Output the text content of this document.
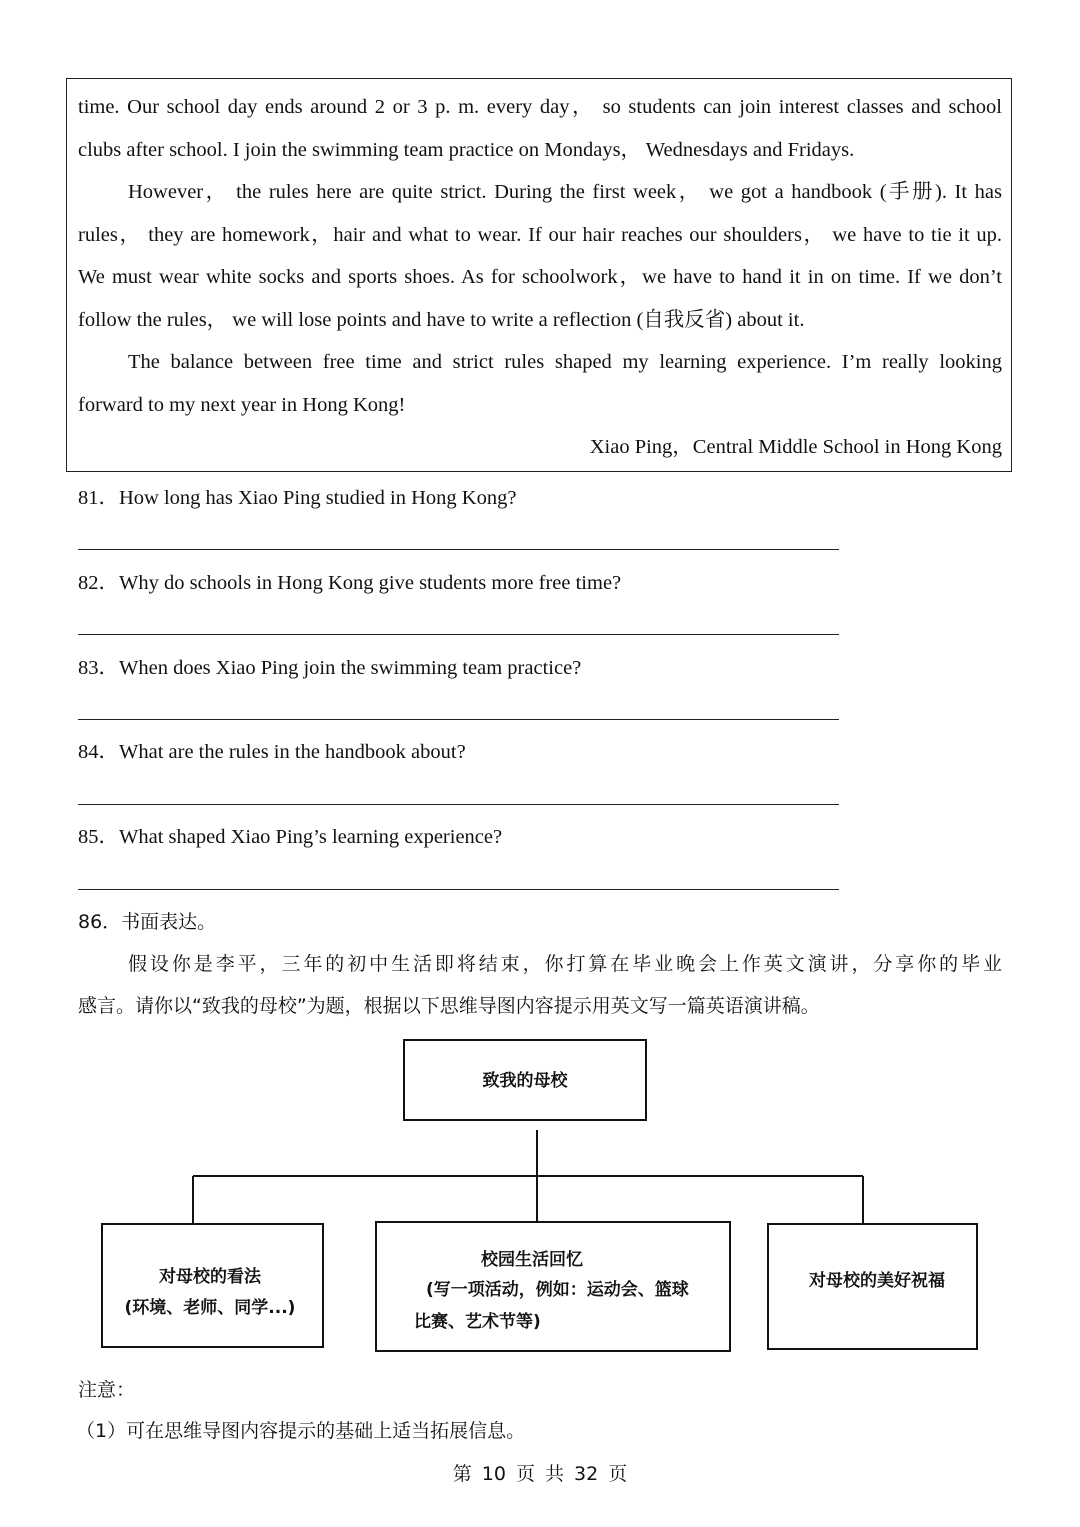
time. Our school day ends around 2 or 3 p. m. every day， so students can join interest classes and school
clubs after school. I join the swimming team practice on Mondays， Wednesdays and Fridays.
However， the rules here are quite strict. During the first week， we got a handbook (手册). It has
rules， they are homework，hair and what to wear. If our hair reaches our shoulders， we have to tie it up.
We must wear white socks and sports shoes. As for schoolwork，we have to hand it in on time. If we don’t
follow the rules， we will lose points and have to write a reflection (自我反省) about it.
The balance between free time and strict rules shaped my learning experience. I’m really looking
forward to my next year in Hong Kong!
Xiao Ping，Central Middle School in Hong Kong
81．How long has Xiao Ping studied in Hong Kong?
82．Why do schools in Hong Kong give students more free time?
83．When does Xiao Ping join the swimming team practice?
84．What are the rules in the handbook about?
85．What shaped Xiao Ping’s learning experience?
86．书面表达。
假设你是李平，三年的初中生活即将结束，你打算在毕业晚会上作英文演讲，分享你的毕业
感言。请你以“致我的母校”为题，根据以下思维导图内容提示用英文写一篇英语演讲稿。
致我的母校
对母校的看法
(环境、老师、同学...)
校园生活回忆
(写一项活动，例如：运动会、篮球
比赛、艺术节等)
对母校的美好祝福
注意：
（1）可在思维导图内容提示的基础上适当拓展信息。
第 10 页 共 32 页
